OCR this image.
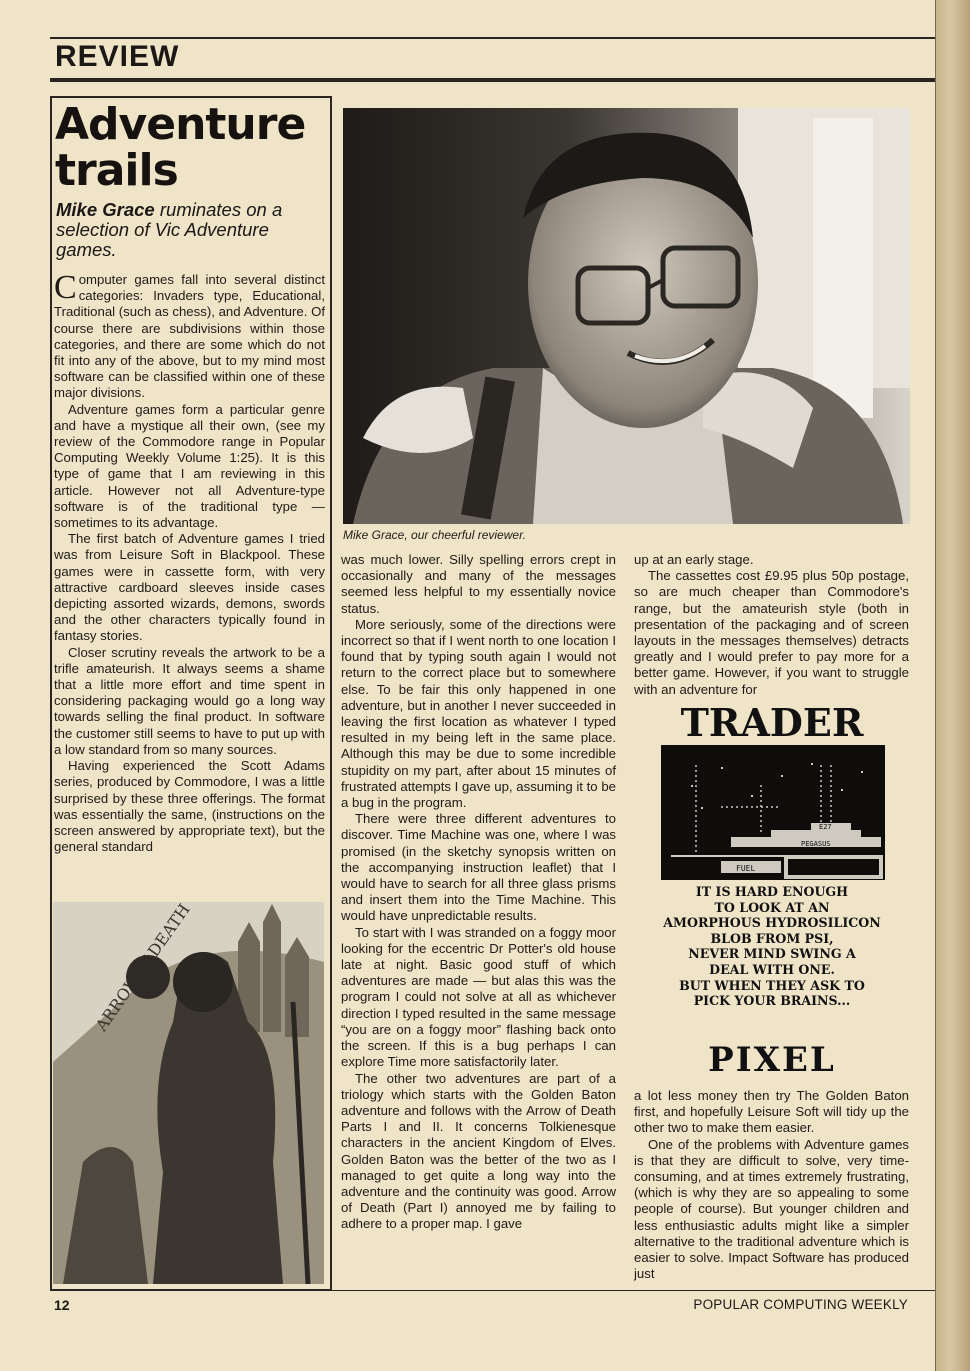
REVIEW
Adventure
trails
Mike Grace ruminates on a selection of Vic Adventure games.

Computer games fall into several distinct categories: Invaders type, Educational, Traditional (such as chess), and Adventure. Of course there are subdivisions within those categories, and there are some which do not fit into any of the above, but to my mind most software can be classified within one of these major divisions.

Adventure games form a particular genre and have a mystique all their own, (see my review of the Commodore range in Popular Computing Weekly Volume 1:25). It is this type of game that I am reviewing in this article. However not all Adventure-type software is of the traditional type — sometimes to its advantage.

The first batch of Adventure games I tried was from Leisure Soft in Blackpool. These games were in cassette form, with very attractive cardboard sleeves inside cases depicting assorted wizards, demons, swords and the other characters typically found in fantasy stories.

Closer scrutiny reveals the artwork to be a trifle amateurish. It always seems a shame that a little more effort and time spent in considering packaging would go a long way towards selling the final product. In software the customer still seems to have to put up with a low standard from so many sources.

Having experienced the Scott Adams series, produced by Commodore, I was a little surprised by these three offerings. The format was essentially the same, (instructions on the screen answered by appropriate text), but the general standard

Mike Grace, our cheerful reviewer.

was much lower. Silly spelling errors crept in occasionally and many of the messages seemed less helpful to my essentially novice status.

More seriously, some of the directions were incorrect so that if I went north to one location I found that by typing south again I would not return to the correct place but to somewhere else. To be fair this only happened in one adventure, but in another I never succeeded in leaving the first location as whatever I typed resulted in my being left in the same place. Although this may be due to some incredible stupidity on my part, after about 15 minutes of frustrated attempts I gave up, assuming it to be a bug in the program.

There were three different adventures to discover. Time Machine was one, where I was promised (in the sketchy synopsis written on the accompanying instruction leaflet) that I would have to search for all three glass prisms and insert them into the Time Machine. This would have unpredictable results.

To start with I was stranded on a foggy moor looking for the eccentric Dr Potter's old house late at night. Basic good stuff of which adventures are made — but alas this was the program I could not solve at all as whichever direction I typed resulted in the same message “you are on a foggy moor” flashing back onto the screen. If this is a bug perhaps I can explore Time more satisfactorily later.

The other two adventures are part of a triology which starts with the Golden Baton adventure and follows with the Arrow of Death Parts I and II. It concerns Tolkienesque characters in the ancient Kingdom of Elves. Golden Baton was the better of the two as I managed to get quite a long way into the adventure and the continuity was good. Arrow of Death (Part I) annoyed me by failing to adhere to a proper map. I gave

up at an early stage.

The cassettes cost £9.95 plus 50p postage, so are much cheaper than Commodore's range, but the amateurish style (both in presentation of the packaging and of screen layouts in the messages themselves) detracts greatly and I would prefer to pay more for a better game. However, if you want to struggle with an adventure for

TRADER
FUEL
PEGASUS
E27
IT IS HARD ENOUGH
TO LOOK AT AN
AMORPHOUS HYDROSILICON
BLOB FROM PSI,
NEVER MIND SWING A
DEAL WITH ONE.
BUT WHEN THEY ASK TO
PICK YOUR BRAINS...
PIXEL

a lot less money then try The Golden Baton first, and hopefully Leisure Soft will tidy up the other two to make them easier.

One of the problems with Adventure games is that they are difficult to solve, very time-consuming, and at times extremely frustrating, (which is why they are so appealing to some people of course). But younger children and less enthusiastic adults might like a simpler alternative to the traditional adventure which is easier to solve. Impact Software has produced just

ARROW DEATH
12	POPULAR COMPUTING WEEKLY
